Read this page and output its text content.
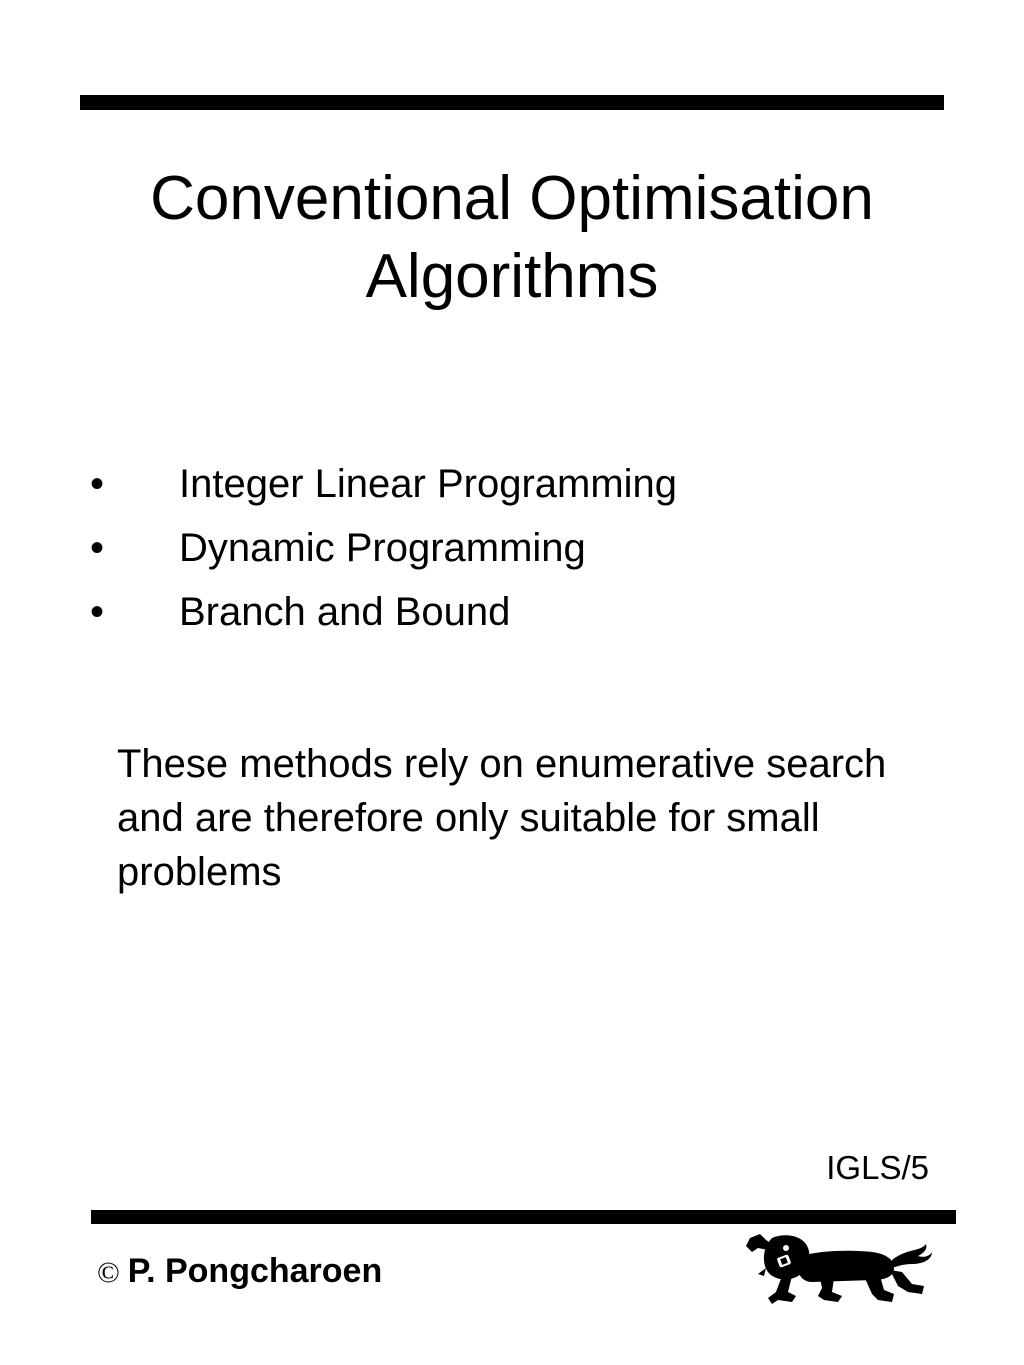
Conventional Optimisation
Algorithms
•	Integer Linear Programming
•	Dynamic Programming
•	Branch and Bound

These methods rely on enumerative search and are therefore only suitable for small problems

IGLS/5
© P. Pongcharoen
